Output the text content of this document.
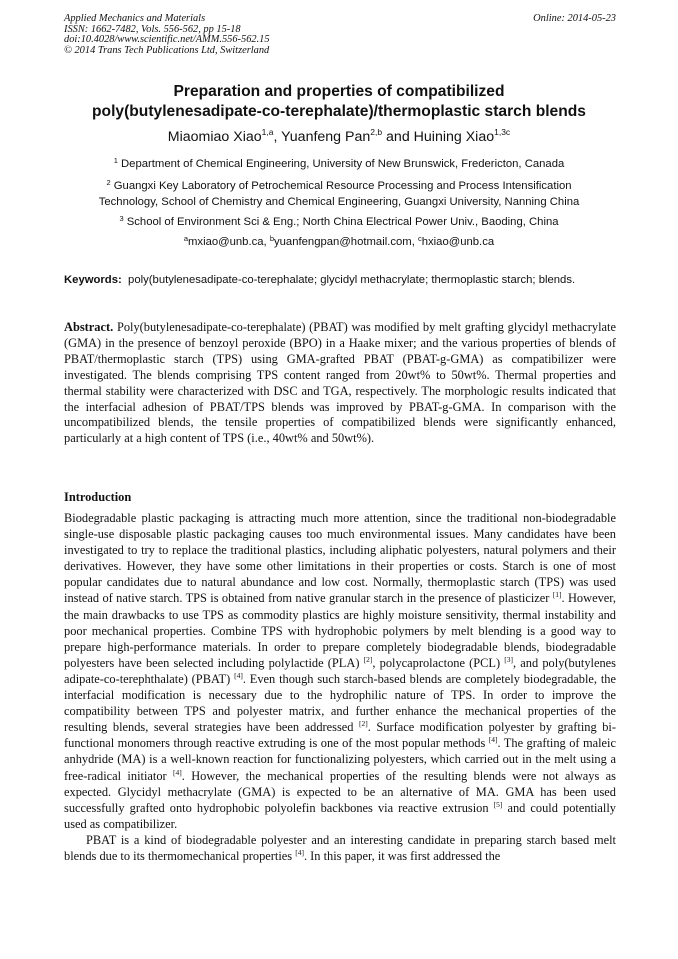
Applied Mechanics and Materials
ISSN: 1662-7482, Vols. 556-562, pp 15-18
doi:10.4028/www.scientific.net/AMM.556-562.15
© 2014 Trans Tech Publications Ltd, Switzerland
Online: 2014-05-23
Preparation and properties of compatibilized
poly(butylenesadipate-co-terephalate)/thermoplastic starch blends
Miaomiao Xiao$^{1,a}$, Yuanfeng Pan$^{2,b}$ and Huining Xiao$^{1,3c}$
$^1$ Department of Chemical Engineering, University of New Brunswick, Fredericton, Canada
$^2$ Guangxi Key Laboratory of Petrochemical Resource Processing and Process Intensification
Technology, School of Chemistry and Chemical Engineering, Guangxi University, Nanning China
$^3$ School of Environment Sci & Eng.; North China Electrical Power Univ., Baoding, China
$^a$mxiao@unb.ca, $^b$yuanfengpan@hotmail.com, $^c$hxiao@unb.ca
Keywords: poly(butylenesadipate-co-terephalate; glycidyl methacrylate; thermoplastic starch; blends.
Abstract. Poly(butylenesadipate-co-terephalate) (PBAT) was modified by melt grafting glycidyl methacrylate (GMA) in the presence of benzoyl peroxide (BPO) in a Haake mixer; and the various properties of blends of PBAT/thermoplastic starch (TPS) using GMA-grafted PBAT (PBAT-g-GMA) as compatibilizer were investigated. The blends comprising TPS content ranged from 20wt% to 50wt%. Thermal properties and thermal stability were characterized with DSC and TGA, respectively. The morphologic results indicated that the interfacial adhesion of PBAT/TPS blends was improved by PBAT-g-GMA. In comparison with the uncompatibilized blends, the tensile properties of compatibilized blends were significantly enhanced, particularly at a high content of TPS (i.e., 40wt% and 50wt%).
Introduction

Biodegradable plastic packaging is attracting much more attention, since the traditional non-biodegradable single-use disposable plastic packaging causes too much environmental issues. Many candidates have been investigated to try to replace the traditional plastics, including aliphatic polyesters, natural polymers and their derivatives. However, they have some other limitations in their properties or costs. Starch is one of most popular candidates due to natural abundance and low cost. Normally, thermoplastic starch (TPS) was used instead of native starch. TPS is obtained from native granular starch in the presence of plasticizer [1]. However, the main drawbacks to use TPS as commodity plastics are highly moisture sensitivity, thermal instability and poor mechanical properties. Combine TPS with hydrophobic polymers by melt blending is a good way to prepare high-performance materials. In order to prepare completely biodegradable blends, biodegradable polyesters have been selected including polylactide (PLA) [2], polycaprolactone (PCL) [3], and poly(butylenes adipate-co-terephthalate) (PBAT) [4]. Even though such starch-based blends are completely biodegradable, the interfacial modification is necessary due to the hydrophilic nature of TPS. In order to improve the compatibility between TPS and polyester matrix, and further enhance the mechanical properties of the resulting blends, several strategies have been addressed [2]. Surface modification polyester by grafting bi-functional monomers through reactive extruding is one of the most popular methods [4]. The grafting of maleic anhydride (MA) is a well-known reaction for functionalizing polyesters, which carried out in the melt using a free-radical initiator [4]. However, the mechanical properties of the resulting blends were not always as expected. Glycidyl methacrylate (GMA) is expected to be an alternative of MA. GMA has been used successfully grafted onto hydrophobic polyolefin backbones via reactive extrusion [5] and could potentially used as compatibilizer.

PBAT is a kind of biodegradable polyester and an interesting candidate in preparing starch based melt blends due to its thermomechanical properties [4]. In this paper, it was first addressed the
